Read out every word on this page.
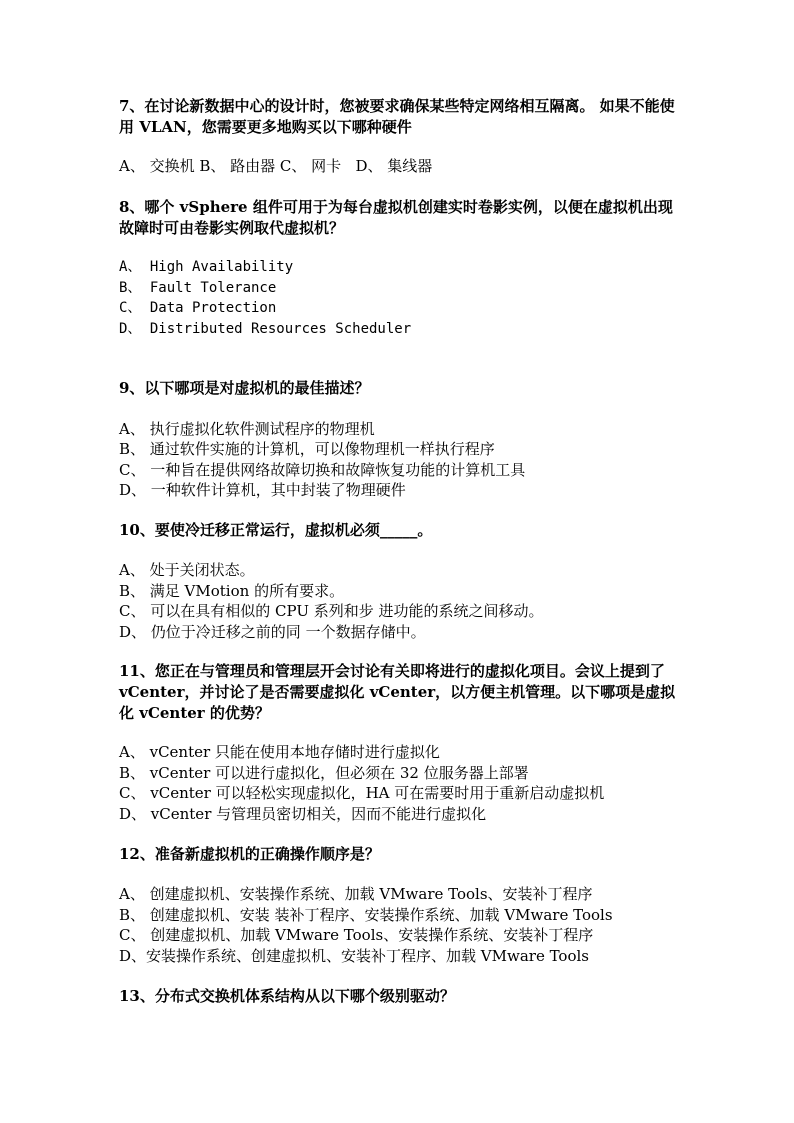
7、在讨论新数据中心的设计时，您被要求确保某些特定网络相互隔离。 如果不能使用 VLAN，您需要更多地购买以下哪种硬件
A、 交换机 B、 路由器 C、 网卡   D、 集线器
8、哪个 vSphere 组件可用于为每台虚拟机创建实时卷影实例，以便在虚拟机出现故障时可由卷影实例取代虚拟机？
A、 High Availability
B、 Fault Tolerance
C、 Data Protection
D、 Distributed Resources Scheduler
9、以下哪项是对虚拟机的最佳描述？
A、 执行虚拟化软件测试程序的物理机
B、 通过软件实施的计算机，可以像物理机一样执行程序
C、 一种旨在提供网络故障切换和故障恢复功能的计算机工具
D、 一种软件计算机，其中封装了物理硬件
10、要使冷迁移正常运行，虚拟机必须_____。
A、 处于关闭状态。
B、 满足 VMotion 的所有要求。
C、 可以在具有相似的 CPU 系列和步 进功能的系统之间移动。
D、 仍位于冷迁移之前的同 一个数据存储中。
11、您正在与管理员和管理层开会讨论有关即将进行的虚拟化项目。会议上提到了 vCenter，并讨论了是否需要虚拟化 vCenter，以方便主机管理。以下哪项是虚拟化 vCenter 的优势？
A、 vCenter 只能在使用本地存储时进行虚拟化
B、 vCenter 可以进行虚拟化，但必须在 32 位服务器上部署
C、 vCenter 可以轻松实现虚拟化，HA 可在需要时用于重新启动虚拟机
D、 vCenter 与管理员密切相关，因而不能进行虚拟化
12、准备新虚拟机的正确操作顺序是？
A、 创建虚拟机、安装操作系统、加载 VMware Tools、安装补丁程序
B、 创建虚拟机、安装 装补丁程序、安装操作系统、加载 VMware Tools
C、 创建虚拟机、加载 VMware Tools、安装操作系统、安装补丁程序
D、安装操作系统、创建虚拟机、安装补丁程序、加载 VMware Tools
13、分布式交换机体系结构从以下哪个级别驱动？
